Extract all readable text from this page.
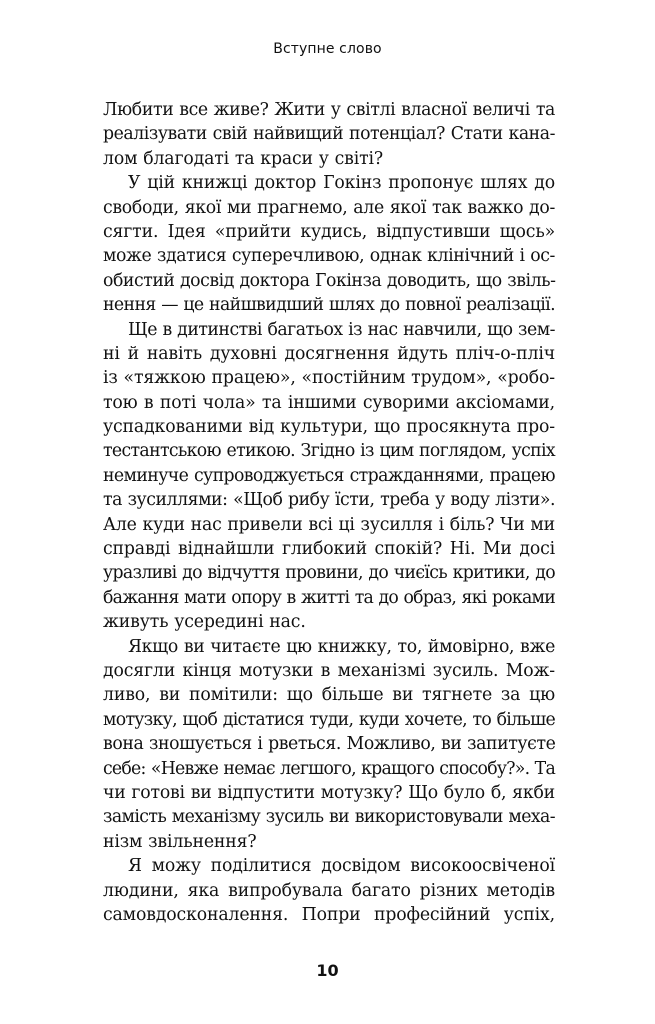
Вступне слово
Любити все живе? Жити у світлі власної величі та
реалізувати свій найвищий потенціал? Стати кана-
лом благодаті та краси у світі?
У цій книжці доктор Гокінз пропонує шлях до
свободи, якої ми прагнемо, але якої так важко до-
сягти. Ідея «прийти кудись, відпустивши щось»
може здатися суперечливою, однак клінічний і ос-
обистий досвід доктора Гокінза доводить, що звіль-
нення — це найшвидший шлях до повної реалізації.
Ще в дитинстві багатьох із нас навчили, що зем-
ні й навіть духовні досягнення йдуть пліч-о-пліч
із «тяжкою працею», «постійним трудом», «робо-
тою в поті чола» та іншими суворими аксіомами,
успадкованими від культури, що просякнута про-
тестантською етикою. Згідно із цим поглядом, успіх
неминуче супроводжується стражданнями, працею
та зусиллями: «Щоб рибу їсти, треба у воду лізти».
Але куди нас привели всі ці зусилля і біль? Чи ми
справді віднайшли глибокий спокій? Ні. Ми досі
уразливі до відчуття провини, до чиєїсь критики, до
бажання мати опору в житті та до образ, які роками
живуть усередині нас.
Якщо ви читаєте цю книжку, то, ймовірно, вже
досягли кінця мотузки в механізмі зусиль. Мож-
ливо, ви помітили: що більше ви тягнете за цю
мотузку, щоб дістатися туди, куди хочете, то більше
вона зношується і рветься. Можливо, ви запитуєте
себе: «Невже немає легшого, кращого способу?». Та
чи готові ви відпустити мотузку? Що було б, якби
замість механізму зусиль ви використовували меха-
нізм звільнення?
Я можу поділитися досвідом високоосвіченої
людини, яка випробувала багато різних методів
самовдосконалення. Попри професійний успіх,
10
